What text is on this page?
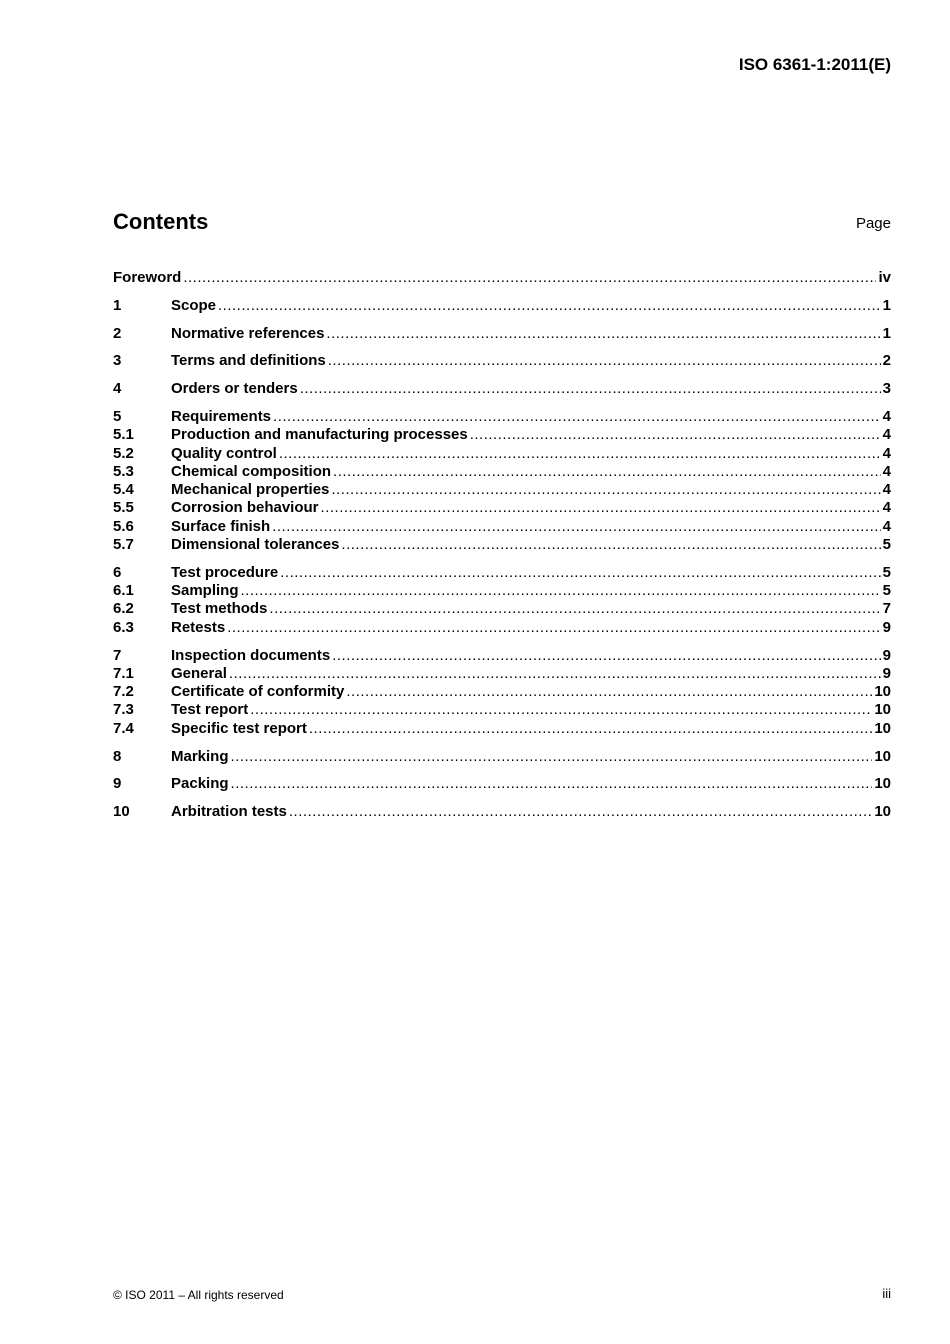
ISO 6361-1:2011(E)
Contents	Page
Foreword .....	iv
1	Scope .....	1
2	Normative references .....	1
3	Terms and definitions .....	2
4	Orders or tenders .....	3
5	Requirements .....	4
5.1	Production and manufacturing processes .....	4
5.2	Quality control .....	4
5.3	Chemical composition .....	4
5.4	Mechanical properties .....	4
5.5	Corrosion behaviour .....	4
5.6	Surface finish .....	4
5.7	Dimensional tolerances .....	5
6	Test procedure .....	5
6.1	Sampling .....	5
6.2	Test methods .....	7
6.3	Retests .....	9
7	Inspection documents .....	9
7.1	General .....	9
7.2	Certificate of conformity .....	10
7.3	Test report .....	10
7.4	Specific test report .....	10
8	Marking .....	10
9	Packing .....	10
10	Arbitration tests .....	10
© ISO 2011 – All rights reserved	iii
